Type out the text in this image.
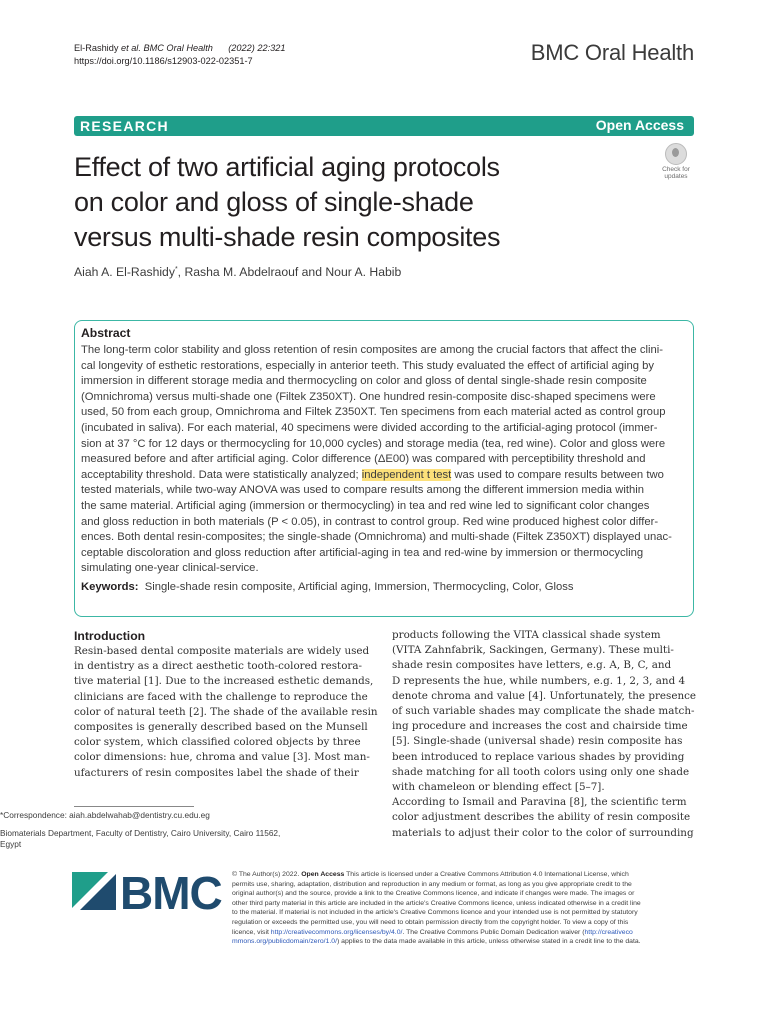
El-Rashidy et al. BMC Oral Health (2022) 22:321
https://doi.org/10.1186/s12903-022-02351-7	BMC Oral Health
RESEARCH	Open Access
Effect of two artificial aging protocols
on color and gloss of single-shade
versus multi-shade resin composites
Check for
updates
Aiah A. El-Rashidy*, Rasha M. Abdelraouf and Nour A. Habib
Abstract
The long-term color stability and gloss retention of resin composites are among the crucial factors that affect the clini-
cal longevity of esthetic restorations, especially in anterior teeth. This study evaluated the effect of artificial aging by
immersion in different storage media and thermocycling on color and gloss of dental single-shade resin composite
(Omnichroma) versus multi-shade one (Filtek Z350XT). One hundred resin-composite disc-shaped specimens were
used, 50 from each group, Omnichroma and Filtek Z350XT. Ten specimens from each material acted as control group
(incubated in saliva). For each material, 40 specimens were divided according to the artificial-aging protocol (immer-
sion at 37 °C for 12 days or thermocycling for 10,000 cycles) and storage media (tea, red wine). Color and gloss were
measured before and after artificial aging. Color difference (ΔE00) was compared with perceptibility threshold and
acceptability threshold. Data were statistically analyzed; independent t test was used to compare results between two
tested materials, while two-way ANOVA was used to compare results among the different immersion media within
the same material. Artificial aging (immersion or thermocycling) in tea and red wine led to significant color changes
and gloss reduction in both materials (P < 0.05), in contrast to control group. Red wine produced highest color differ-
ences. Both dental resin-composites; the single-shade (Omnichroma) and multi-shade (Filtek Z350XT) displayed unac-
ceptable discoloration and gloss reduction after artificial-aging in tea and red-wine by immersion or thermocycling
simulating one-year clinical-service.
Keywords: Single-shade resin composite, Artificial aging, Immersion, Thermocycling, Color, Gloss
Introduction
Resin-based dental composite materials are widely used
in dentistry as a direct aesthetic tooth-colored restora-
tive material [1]. Due to the increased esthetic demands,
clinicians are faced with the challenge to reproduce the
color of natural teeth [2]. The shade of the available resin
composites is generally described based on the Munsell
color system, which classified colored objects by three
color dimensions: hue, chroma and value [3]. Most man-
ufacturers of resin composites label the shade of their
products following the VITA classical shade system
(VITA Zahnfabrik, Sackingen, Germany). These multi-
shade resin composites have letters, e.g. A, B, C, and
D represents the hue, while numbers, e.g. 1, 2, 3, and 4
denote chroma and value [4]. Unfortunately, the presence
of such variable shades may complicate the shade match-
ing procedure and increases the cost and chairside time
[5]. Single-shade (universal shade) resin composite has
been introduced to replace various shades by providing
shade matching for all tooth colors using only one shade
with chameleon or blending effect [5–7].
According to Ismail and Paravina [8], the scientific term
color adjustment describes the ability of resin composite
materials to adjust their color to the color of surrounding
*Correspondence: aiah.abdelwahab@dentistry.cu.edu.eg
Biomaterials Department, Faculty of Dentistry, Cairo University, Cairo 11562,
Egypt
BMC © The Author(s) 2022. Open Access This article is licensed under a Creative Commons Attribution 4.0 International License, which
permits use, sharing, adaptation, distribution and reproduction in any medium or format, as long as you give appropriate credit to the
original author(s) and the source, provide a link to the Creative Commons licence, and indicate if changes were made. The images or
other third party material in this article are included in the article's Creative Commons licence, unless indicated otherwise in a credit line
to the material. If material is not included in the article's Creative Commons licence and your intended use is not permitted by statutory
regulation or exceeds the permitted use, you will need to obtain permission directly from the copyright holder. To view a copy of this
licence, visit http://creativecommons.org/licenses/by/4.0/. The Creative Commons Public Domain Dedication waiver (http://creativeco
mmons.org/publicdomain/zero/1.0/) applies to the data made available in this article, unless otherwise stated in a credit line to the data.
